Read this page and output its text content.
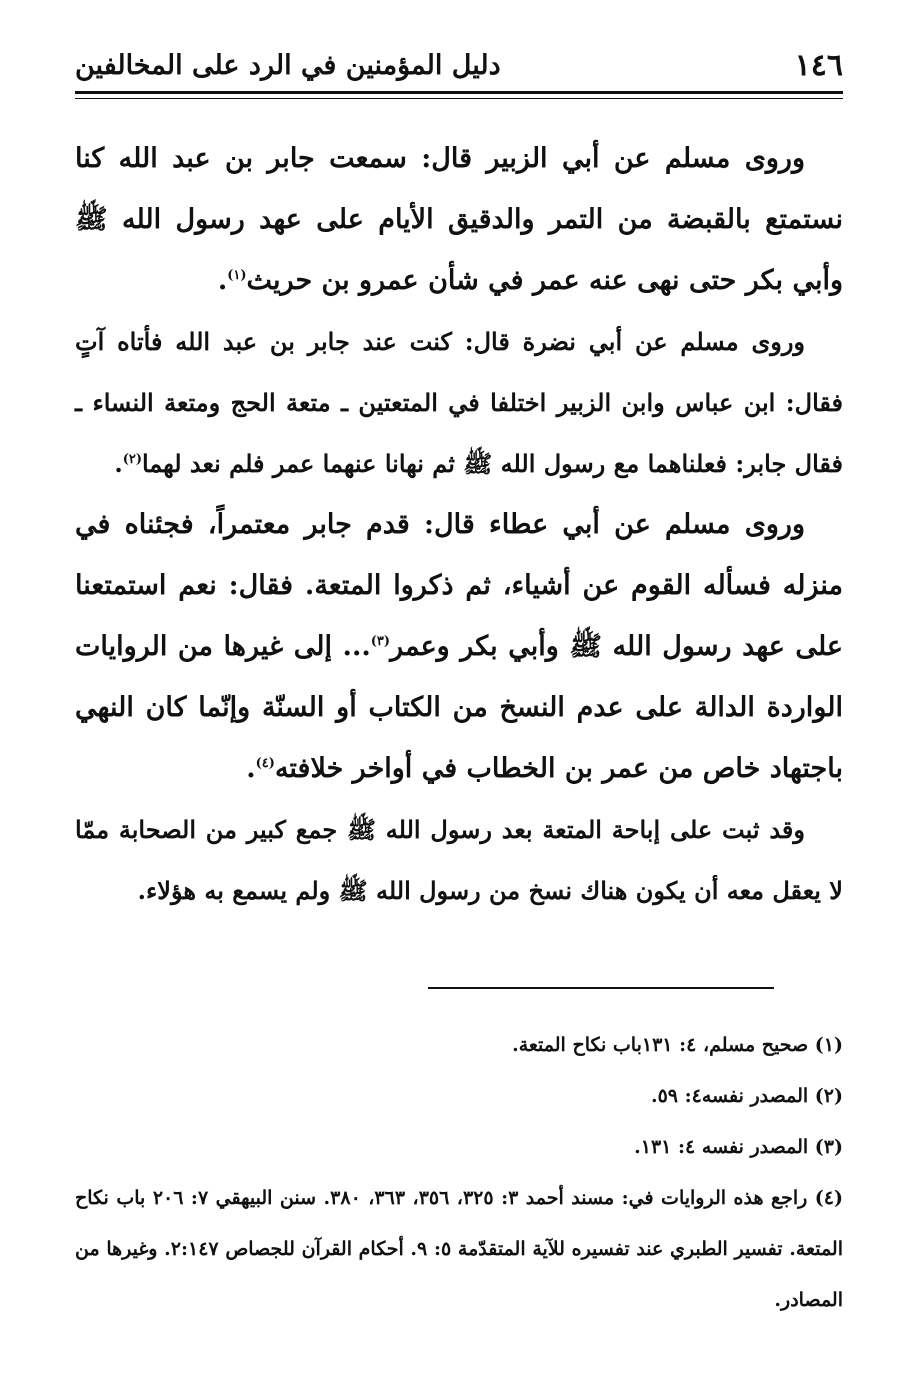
١٤٦
دليل المؤمنين في الرد على المخالفين

وروى مسلم عن أبي الزبير قال: سمعت جابر بن عبد الله كنا نستمتع بالقبضة من التمر والدقيق الأيام على عهد رسول الله ﷺ وأبي بكر حتى نهى عنه عمر في شأن عمرو بن حريث$^{(١)}$.

وروى مسلم عن أبي نضرة قال: كنت عند جابر بن عبد الله فأتاه آتٍ فقال: ابن عباس وابن الزبير اختلفا في المتعتين ـ متعة الحج ومتعة النساء ـ فقال جابر: فعلناهما مع رسول الله ﷺ ثم نهانا عنهما عمر فلم نعد لهما$^{(٢)}$.

وروى مسلم عن أبي عطاء قال: قدم جابر معتمراً، فجئناه في منزله فسأله القوم عن أشياء، ثم ذكروا المتعة. فقال: نعم استمتعنا على عهد رسول الله ﷺ وأبي بكر وعمر$^{(٣)}$... إلى غيرها من الروايات الواردة الدالة على عدم النسخ من الكتاب أو السنّة وإنّما كان النهي باجتهاد خاص من عمر بن الخطاب في أواخر خلافته$^{(٤)}$.

وقد ثبت على إباحة المتعة بعد رسول الله ﷺ جمع كبير من الصحابة ممّا لا يعقل معه أن يكون هناك نسخ من رسول الله ﷺ ولم يسمع به هؤلاء.

(١) صحيح مسلم، ٤: ١٣١باب نكاح المتعة.

(٢) المصدر نفسه٤: ٥٩.

(٣) المصدر نفسه ٤: ١٣١.

(٤) راجع هذه الروايات في: مسند أحمد ٣: ٣٢٥، ٣٥٦، ٣٦٣، ٣٨٠. سنن البيهقي ٧: ٢٠٦ باب نكاح المتعة. تفسير الطبري عند تفسيره للآية المتقدّمة ٥: ٩. أحكام القرآن للجصاص ٢:١٤٧. وغيرها من المصادر.
